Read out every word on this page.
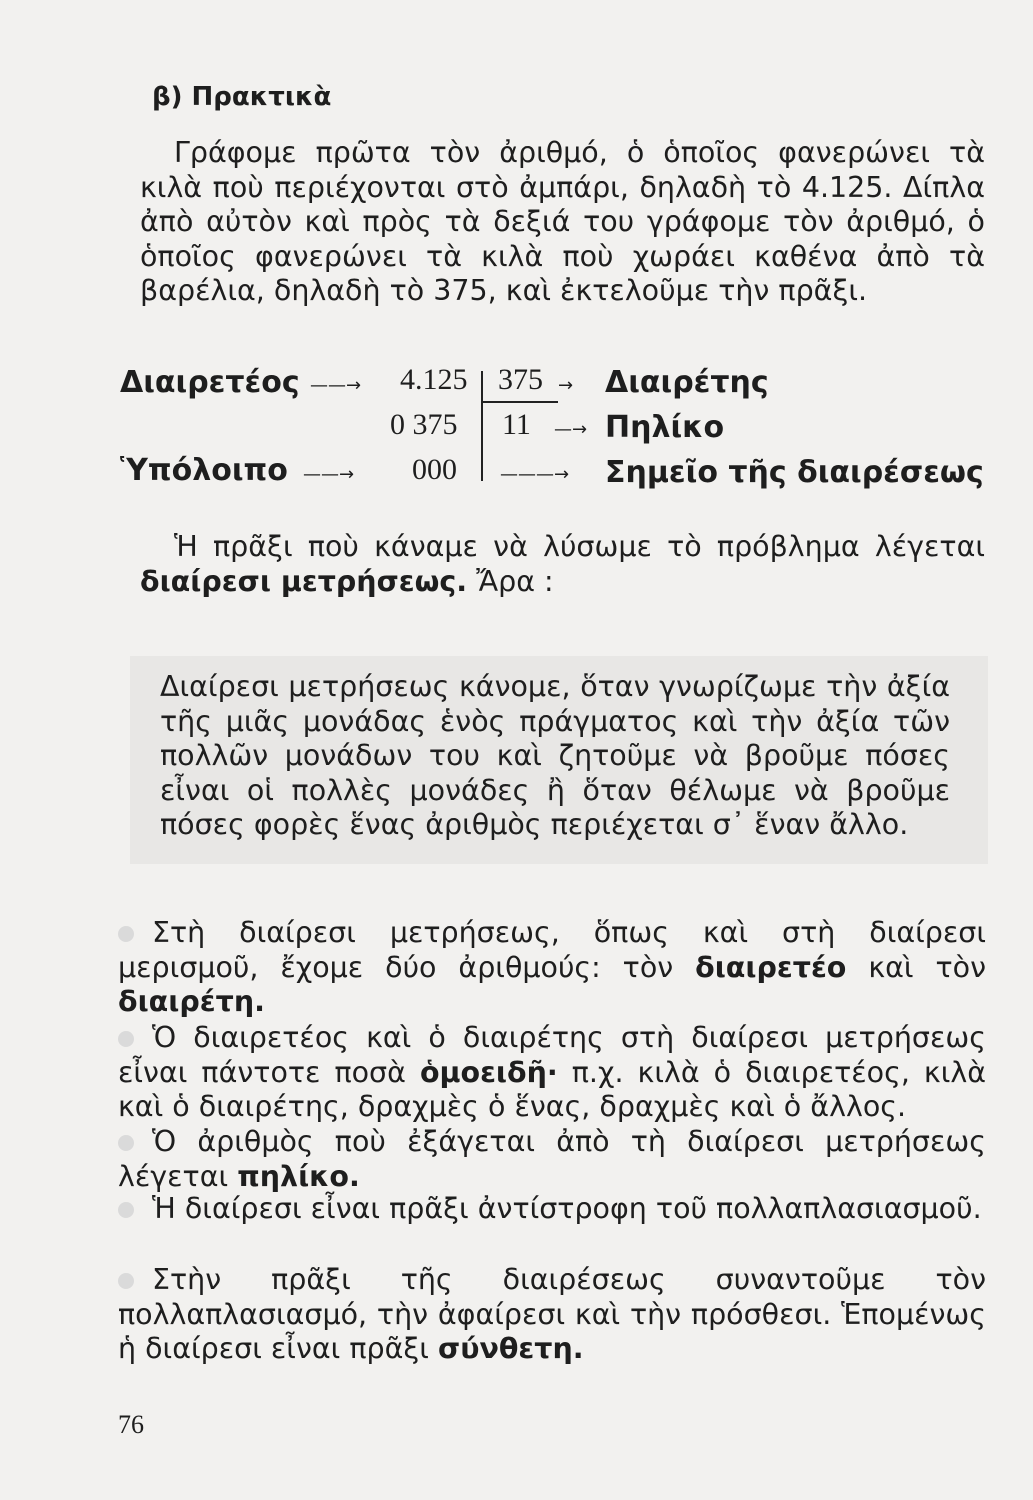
β) Πρακτικὰ

Γράφομε πρῶτα τὸν ἀριθμό, ὁ ὁποῖος φανερώνει τὰ κιλὰ ποὺ περιέχονται στὸ ἀμπάρι, δηλαδὴ τὸ 4.125. Δίπλα ἀπὸ αὐτὸν καὶ πρὸς τὰ δεξιά του γράφομε τὸν ἀριθμό, ὁ ὁποῖος φανερώνει τὰ κιλὰ ποὺ χωράει καθένα ἀπὸ τὰ βαρέλια, δηλαδὴ τὸ 375, καὶ ἐκτελοῦμε τὴν πρᾶξι.

Διαιρετέος ——→ 4.125 375 → Διαιρέτης
0 375 11 —→ Πηλίκο
Ὑπόλοιπο ——→ 000 ———→ Σημεῖο τῆς διαιρέσεως

Ἡ πρᾶξι ποὺ κάναμε νὰ λύσωμε τὸ πρόβλημα λέγεται διαίρεσι μετρήσεως. Ἄρα :

Διαίρεσι μετρήσεως κάνομε, ὅταν γνωρίζωμε τὴν ἀξία τῆς μιᾶς μονάδας ἑνὸς πράγματος καὶ τὴν ἀξία τῶν πολλῶν μονάδων του καὶ ζητοῦμε νὰ βροῦμε πόσες εἶναι οἱ πολλὲς μονάδες ἢ ὅταν θέλωμε νὰ βροῦμε πόσες φορὲς ἕνας ἀριθμὸς περιέχεται σ᾿ ἕναν ἄλλο.

Στὴ διαίρεσι μετρήσεως, ὅπως καὶ στὴ διαίρεσι μερισμοῦ, ἔχομε δύο ἀριθμούς: τὸν διαιρετέο καὶ τὸν διαιρέτη.

Ὁ διαιρετέος καὶ ὁ διαιρέτης στὴ διαίρεσι μετρήσεως εἶναι πάντοτε ποσὰ ὁμοειδῆ· π.χ. κιλὰ ὁ διαιρετέος, κιλὰ καὶ ὁ διαιρέτης, δραχμὲς ὁ ἕνας, δραχμὲς καὶ ὁ ἄλλος.

Ὁ ἀριθμὸς ποὺ ἐξάγεται ἀπὸ τὴ διαίρεσι μετρήσεως λέγεται πηλίκο.

Ἡ διαίρεσι εἶναι πρᾶξι ἀντίστροφη τοῦ πολλαπλασιασμοῦ.

Στὴν πρᾶξι τῆς διαιρέσεως συναντοῦμε τὸν πολλαπλασιασμό, τὴν ἀφαίρεσι καὶ τὴν πρόσθεσι. Ἑπομένως ἡ διαίρεσι εἶναι πρᾶξι σύνθετη.

76
